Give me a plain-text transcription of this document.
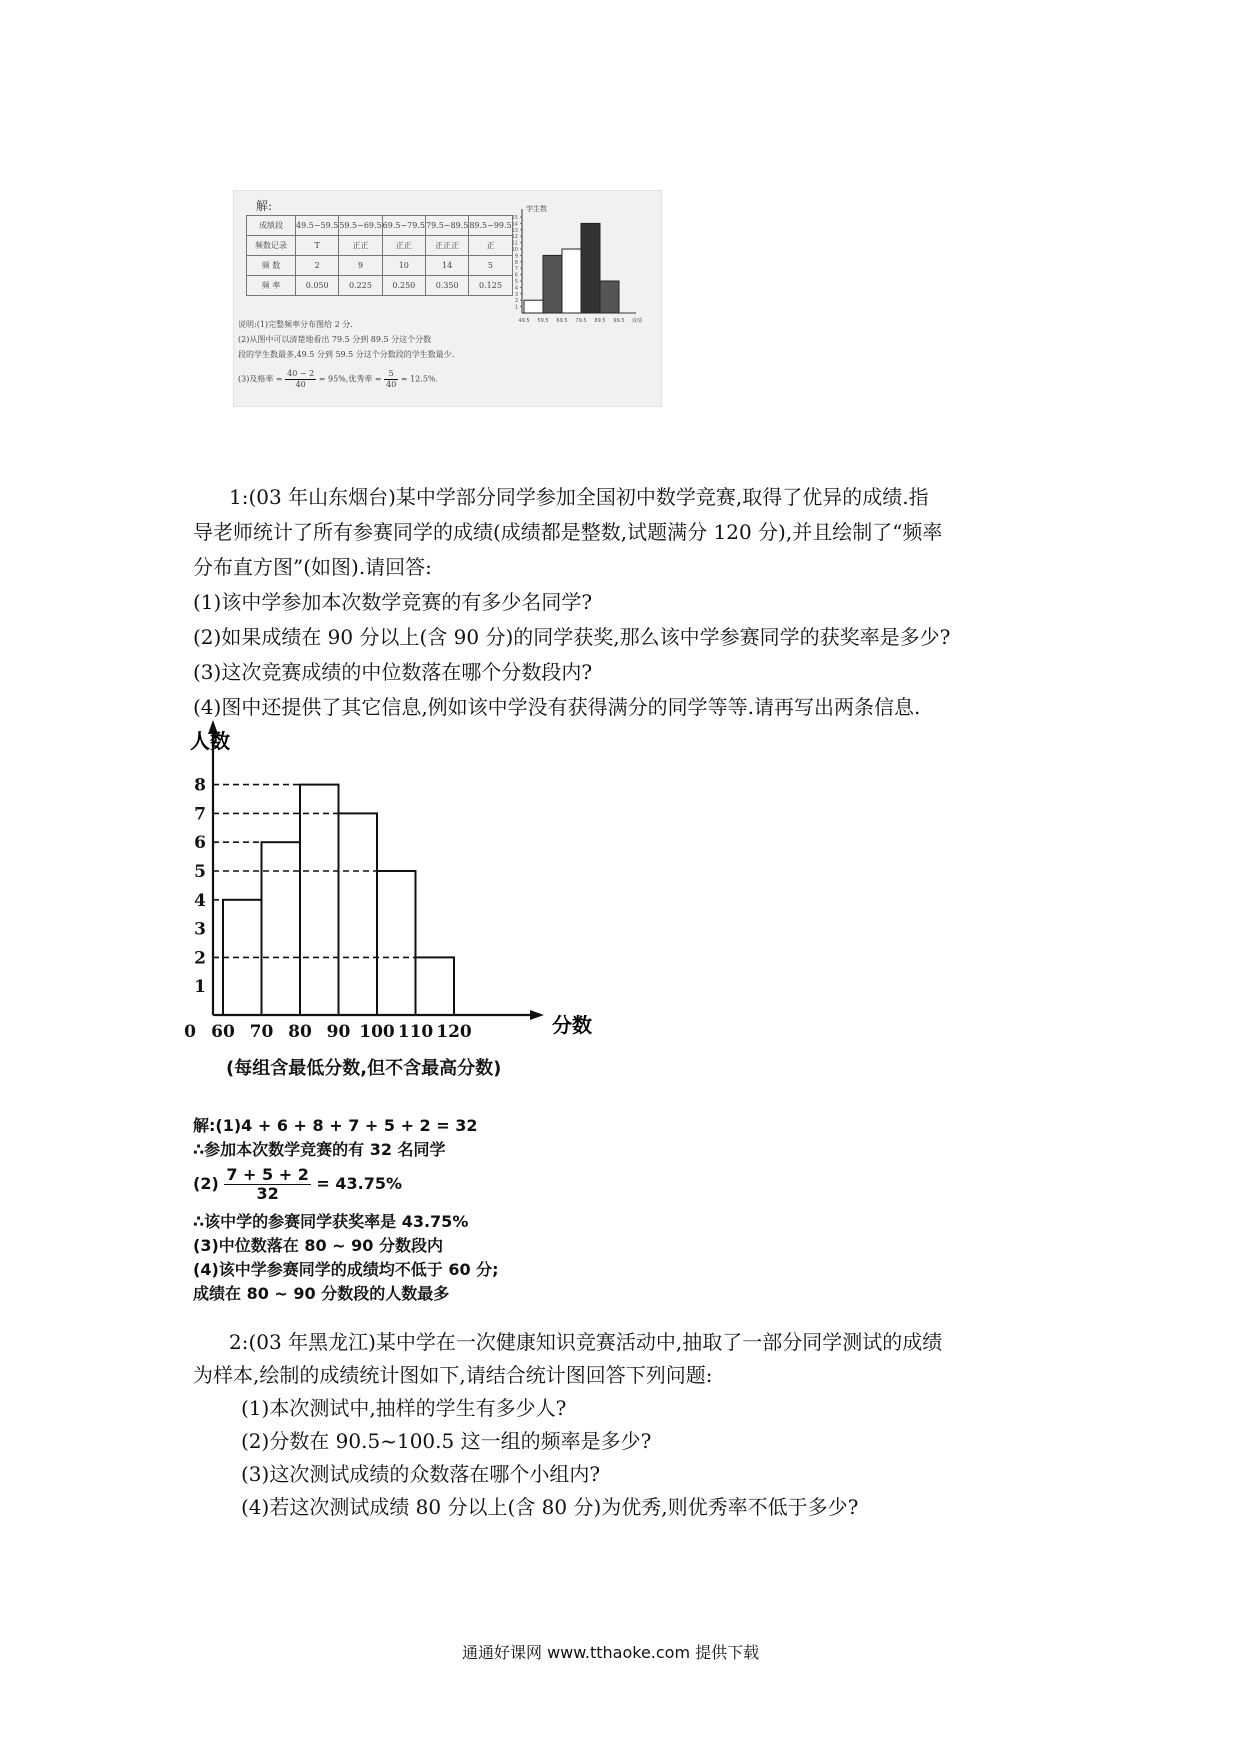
解:
成绩段	49.5~59.5	59.5~69.5	69.5~79.5	79.5~89.5	89.5~99.5
频数记录	T	正正	正正	正正正	正
频 数	2	9	10	14	5
频 率	0.050	0.225	0.250	0.350	0.125
说明:(1)完整频率分布图给 2 分.
(2)从图中可以清楚地看出 79.5 分到 89.5 分这个分数
段的学生数最多,49.5 分到 59.5 分这个分数段的学生数最少.
(3)及格率 = $\frac{40 - 2}{40} = 95\%$,优秀率 = $\frac{5}{40} = 12.5\%$.
学生数
1
2
3
4
5
6
7
8
9
10
11
12
13
14
15
49.5 59.5 69.5 79.5 89.5 99.5 成绩
1:(03 年山东烟台)某中学部分同学参加全国初中数学竞赛,取得了优异的成绩.指
导老师统计了所有参赛同学的成绩(成绩都是整数,试题满分 120 分),并且绘制了“频率
分布直方图”(如图).请回答:
(1)该中学参加本次数学竞赛的有多少名同学?
(2)如果成绩在 90 分以上(含 90 分)的同学获奖,那么该中学参赛同学的获奖率是多少?
(3)这次竞赛成绩的中位数落在哪个分数段内?
(4)图中还提供了其它信息,例如该中学没有获得满分的同学等等.请再写出两条信息.
1
2
3
4
5
6
7
8
0 60 70 80 90 100 110 120
人数
分数
(每组含最低分数,但不含最高分数)
解:(1)4 + 6 + 8 + 7 + 5 + 2 = 32
∴参加本次数学竞赛的有 32 名同学
$(2) \frac{7 + 5 + 2}{32} = 43.75\%$
∴该中学的参赛同学获奖率是 43.75%
(3)中位数落在 80 ~ 90 分数段内
(4)该中学参赛同学的成绩均不低于 60 分;
成绩在 80 ~ 90 分数段的人数最多
2:(03 年黑龙江)某中学在一次健康知识竞赛活动中,抽取了一部分同学测试的成绩
为样本,绘制的成绩统计图如下,请结合统计图回答下列问题:
(1)本次测试中,抽样的学生有多少人?
(2)分数在 90.5~100.5 这一组的频率是多少?
(3)这次测试成绩的众数落在哪个小组内?
(4)若这次测试成绩 80 分以上(含 80 分)为优秀,则优秀率不低于多少?
通通好课网 www.tthaoke.com 提供下载
